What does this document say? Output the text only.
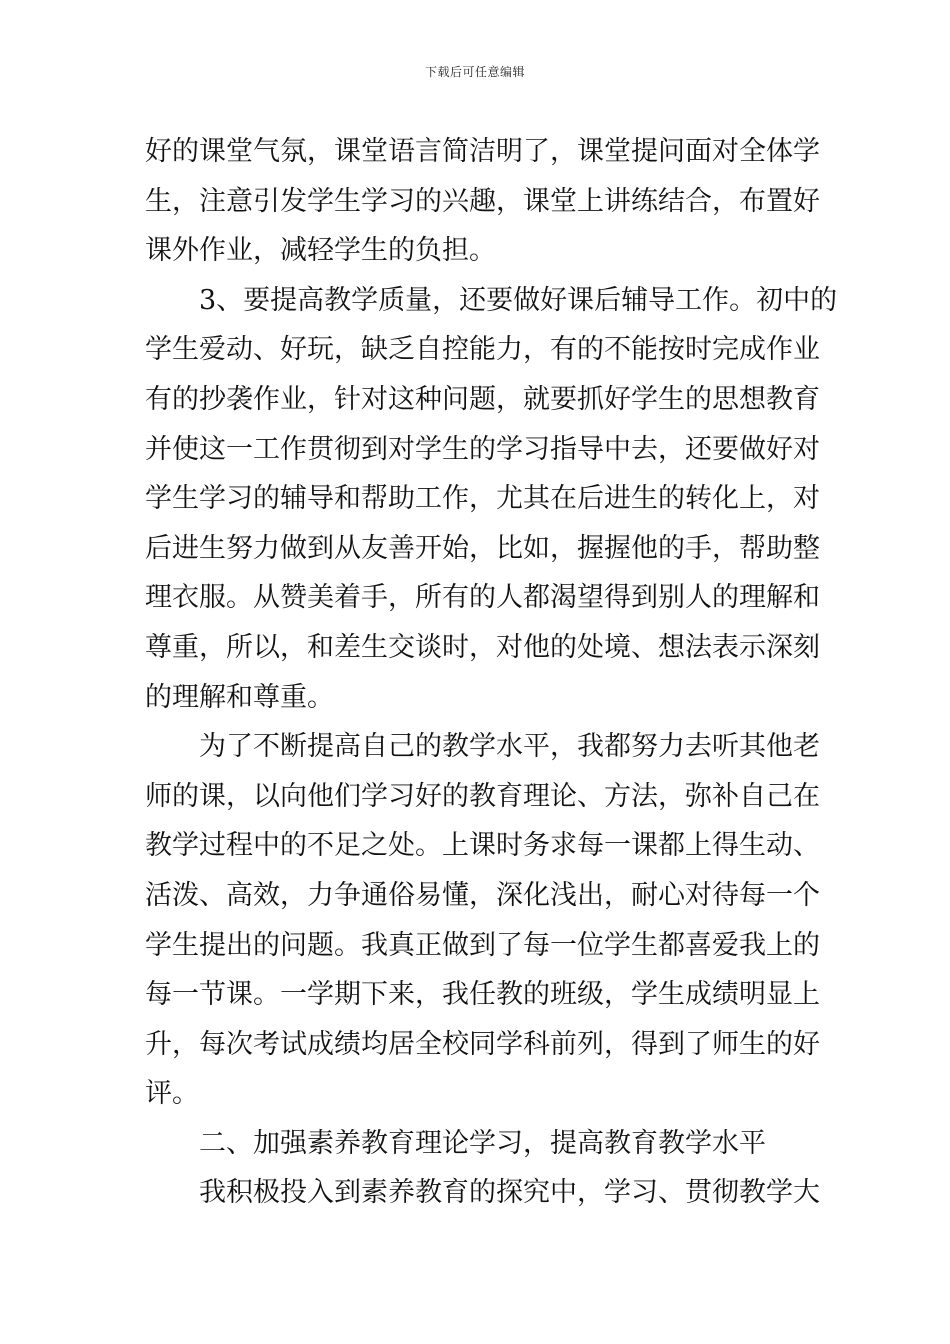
下载后可任意编辑
好的课堂气氛，课堂语言简洁明了，课堂提问面对全体学
生，注意引发学生学习的兴趣，课堂上讲练结合，布置好
课外作业，减轻学生的负担。
3、要提高教学质量，还要做好课后辅导工作。初中的
学生爱动、好玩，缺乏自控能力，有的不能按时完成作业
有的抄袭作业，针对这种问题，就要抓好学生的思想教育
并使这一工作贯彻到对学生的学习指导中去，还要做好对
学生学习的辅导和帮助工作，尤其在后进生的转化上，对
后进生努力做到从友善开始，比如，握握他的手，帮助整
理衣服。从赞美着手，所有的人都渴望得到别人的理解和
尊重，所以，和差生交谈时，对他的处境、想法表示深刻
的理解和尊重。
为了不断提高自己的教学水平，我都努力去听其他老
师的课，以向他们学习好的教育理论、方法，弥补自己在
教学过程中的不足之处。上课时务求每一课都上得生动、
活泼、高效，力争通俗易懂，深化浅出，耐心对待每一个
学生提出的问题。我真正做到了每一位学生都喜爱我上的
每一节课。一学期下来，我任教的班级，学生成绩明显上
升，每次考试成绩均居全校同学科前列，得到了师生的好
评。
二、加强素养教育理论学习，提高教育教学水平
我积极投入到素养教育的探究中，学习、贯彻教学大
